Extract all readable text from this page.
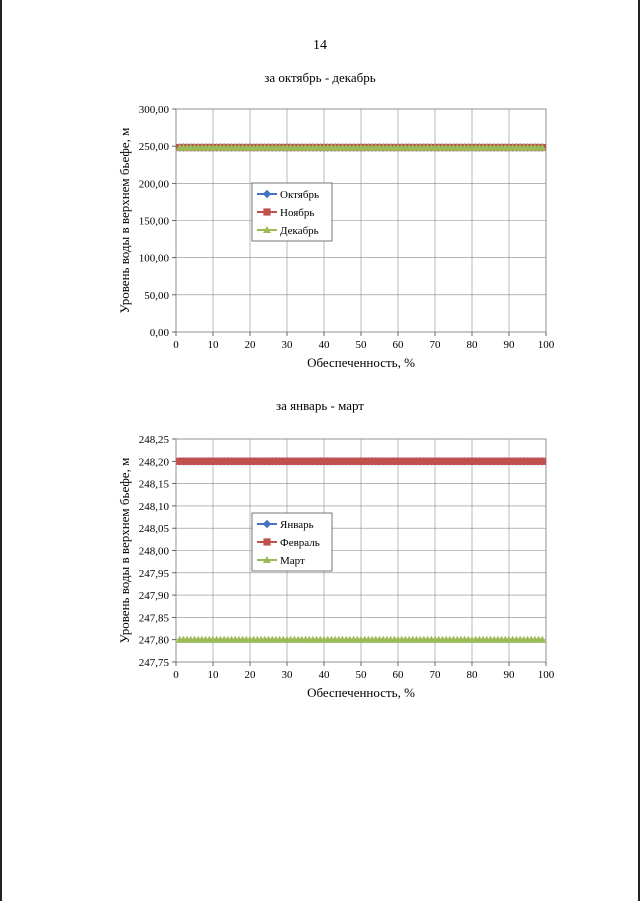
14
за октябрь - декабрь
0,00
50,00
100,00
150,00
200,00
250,00
300,00
0	10 20 30 40 50 60 70 80 90 100
Обеспеченность, %
Уровень воды в верхнем бьефе, м	Октябрь
Ноябрь
Декабрь
за январь - март
247,75
247,80
247,85
247,90
247,95
248,00
248,05
248,10
248,15
248,20
248,25
0	10 20 30 40 50 60 70 80 90 100
Обеспеченность, %
Уровень воды в верхнем бьефе, м	Январь
Февраль
Март
